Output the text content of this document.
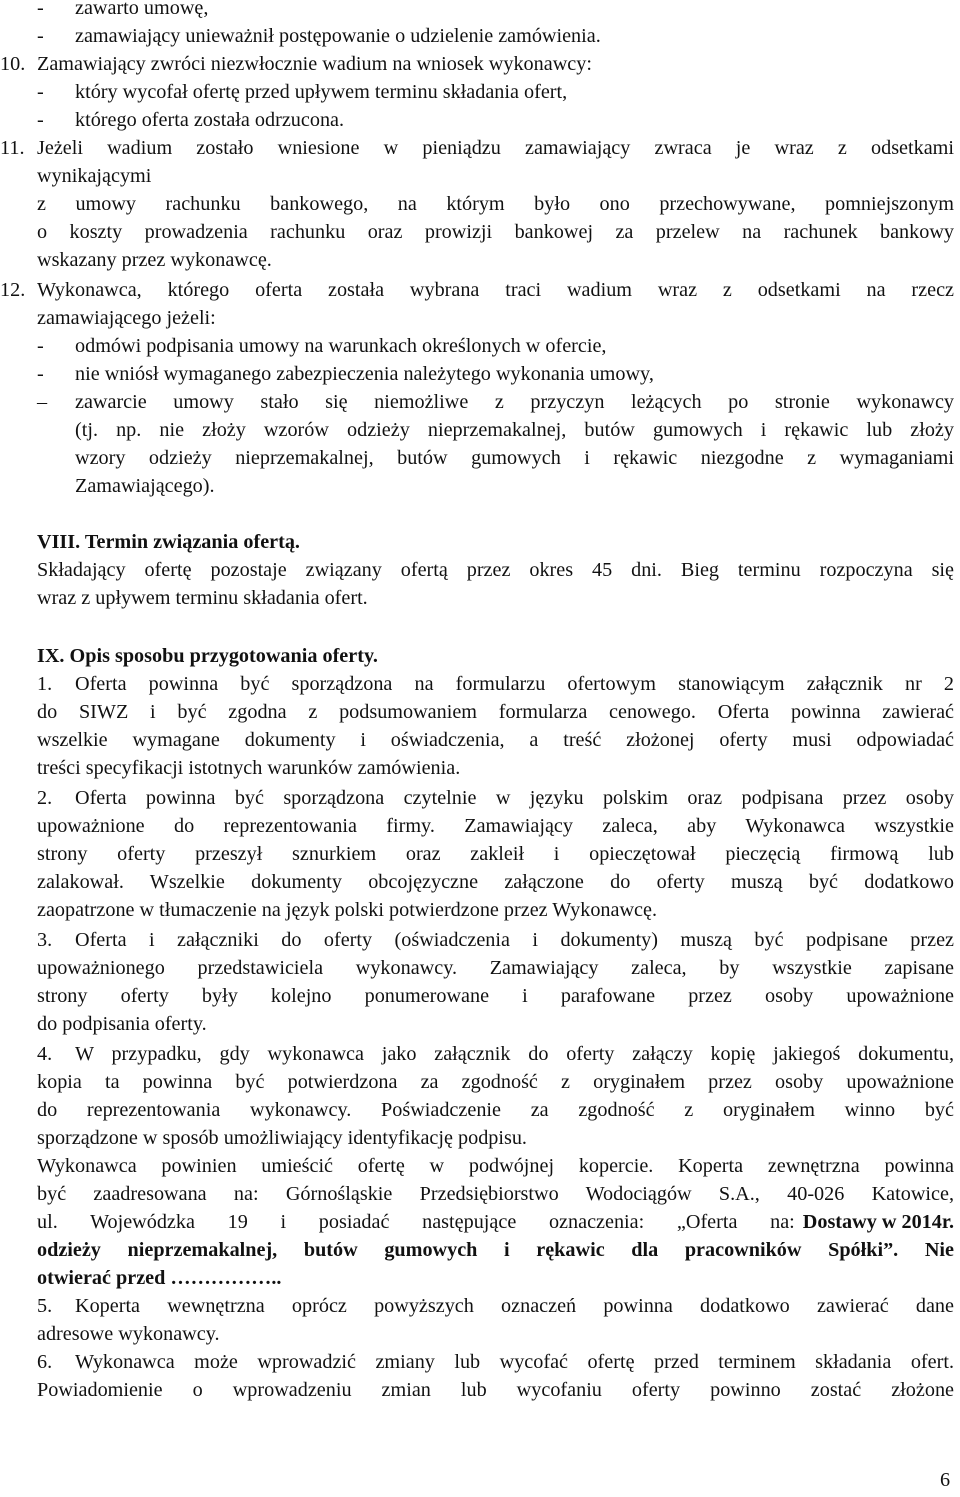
- zawarto umowę,
- zamawiający unieważnił postępowanie o udzielenie zamówienia.
10. Zamawiający zwróci niezwłocznie wadium na wniosek wykonawcy:
- który wycofał ofertę przed upływem terminu składania ofert,
- którego oferta została odrzucona.
11. Jeżeli wadium zostało wniesione w pieniądzu zamawiający zwraca je wraz z odsetkami
wynikającymi
z umowy rachunku bankowego, na którym było ono przechowywane, pomniejszonym
o koszty prowadzenia rachunku oraz prowizji bankowej za przelew na rachunek bankowy
wskazany przez wykonawcę.
12. Wykonawca, którego oferta została wybrana traci wadium wraz z odsetkami na rzecz
zamawiającego jeżeli:
- odmówi podpisania umowy na warunkach określonych w ofercie,
- nie wniósł wymaganego zabezpieczenia należytego wykonania umowy,
– zawarcie umowy stało się niemożliwe z przyczyn leżących po stronie wykonawcy
(tj. np. nie złoży wzorów odzieży nieprzemakalnej, butów gumowych i rękawic lub złoży
wzory odzieży nieprzemakalnej, butów gumowych i rękawic niezgodne z wymaganiami
Zamawiającego).
VIII. Termin związania ofertą.
Składający ofertę pozostaje związany ofertą przez okres 45 dni. Bieg terminu rozpoczyna się
wraz z upływem terminu składania ofert.
IX. Opis sposobu przygotowania oferty.
1. Oferta powinna być sporządzona na formularzu ofertowym stanowiącym załącznik nr 2
do SIWZ i być zgodna z podsumowaniem formularza cenowego. Oferta powinna zawierać
wszelkie wymagane dokumenty i oświadczenia, a treść złożonej oferty musi odpowiadać
treści specyfikacji istotnych warunków zamówienia.
2. Oferta powinna być sporządzona czytelnie w języku polskim oraz podpisana przez osoby
upoważnione do reprezentowania firmy. Zamawiający zaleca, aby Wykonawca wszystkie
strony oferty przeszył sznurkiem oraz zakleił i opieczętował pieczęcią firmową lub
zalakował. Wszelkie dokumenty obcojęzyczne załączone do oferty muszą być dodatkowo
zaopatrzone w tłumaczenie na język polski potwierdzone przez Wykonawcę.
3. Oferta i załączniki do oferty (oświadczenia i dokumenty) muszą być podpisane przez
upoważnionego przedstawiciela wykonawcy. Zamawiający zaleca, by wszystkie zapisane
strony oferty były kolejno ponumerowane i parafowane przez osoby upoważnione
do podpisania oferty.
4. W przypadku, gdy wykonawca jako załącznik do oferty załączy kopię jakiegoś dokumentu,
kopia ta powinna być potwierdzona za zgodność z oryginałem przez osoby upoważnione
do reprezentowania wykonawcy. Poświadczenie za zgodność z oryginałem winno być
sporządzone w sposób umożliwiający identyfikację podpisu.
Wykonawca powinien umieścić ofertę w podwójnej kopercie. Koperta zewnętrzna powinna
być zaadresowana na: Górnośląskie Przedsiębiorstwo Wodociągów S.A., 40-026 Katowice,
ul. Wojewódzka 19 i posiadać następujące oznaczenia: „Oferta na: Dostawy w 2014r.
odzieży nieprzemakalnej, butów gumowych i rękawic dla pracowników Spółki”. Nie
otwierać przed ……………..
5. Koperta wewnętrzna oprócz powyższych oznaczeń powinna dodatkowo zawierać dane
adresowe wykonawcy.
6. Wykonawca może wprowadzić zmiany lub wycofać ofertę przed terminem składania ofert.
Powiadomienie o wprowadzeniu zmian lub wycofaniu oferty powinno zostać złożone
6
